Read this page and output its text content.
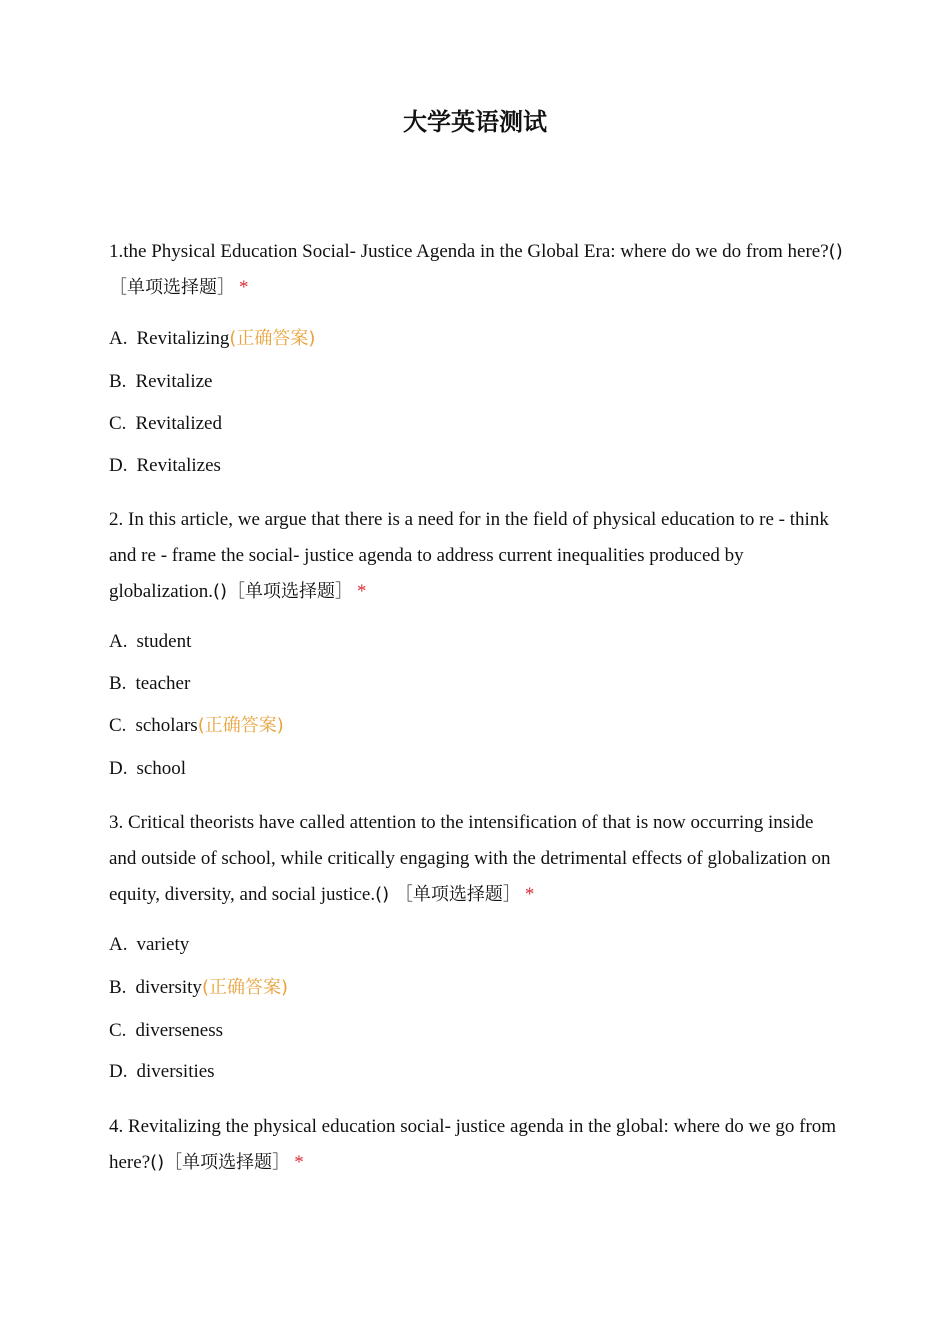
大学英语测试
1.the Physical Education Social- Justice Agenda in the Global Era: where do we do from here?()［单项选择题］ *
A. Revitalizing(正确答案)
B. Revitalize
C. Revitalized
D. Revitalizes
2. In this article, we argue that there is a need for in the field of physical education to re - think and re - frame the social- justice agenda to address current inequalities produced by globalization.()［单项选择题］ *
A. student
B. teacher
C. scholars(正确答案)
D. school
3. Critical theorists have called attention to the intensification of that is now occurring inside and outside of school, while critically engaging with the detrimental effects of globalization on equity, diversity, and social justice.() ［单项选择题］ *
A. variety
B. diversity(正确答案)
C. diverseness
D. diversities
4. Revitalizing the physical education social- justice agenda in the global: where do we go from here?()［单项选择题］ *
